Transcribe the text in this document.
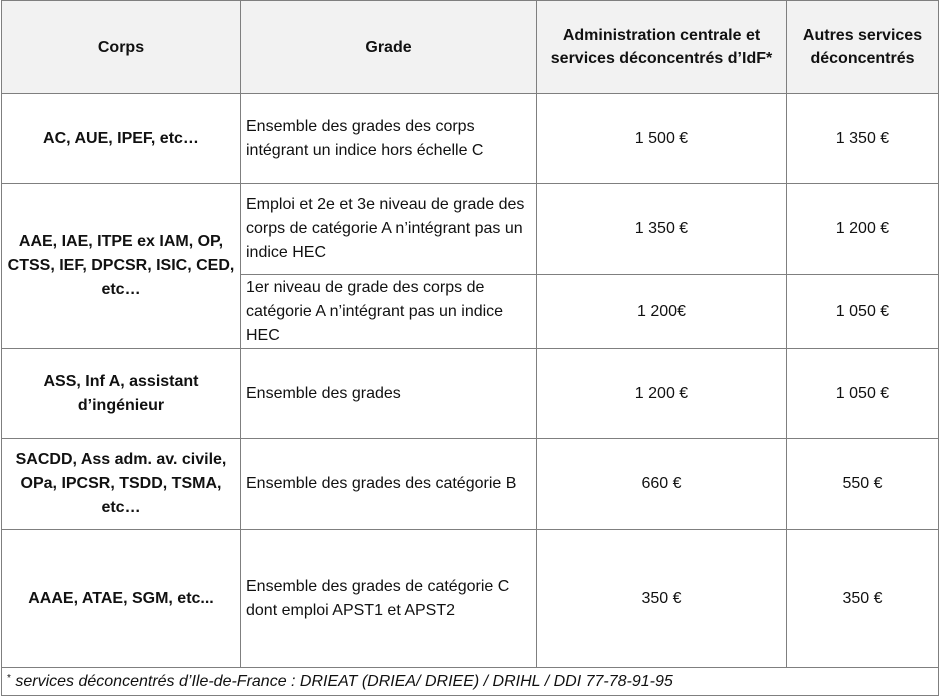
Corps	Grade	Administration centrale et services déconcentrés d’IdF*	Autres services déconcentrés
AC, AUE, IPEF, etc…	Ensemble des grades des corps intégrant un indice hors échelle C	1 500 €	1 350 €
AAE, IAE, ITPE ex IAM, OP, CTSS, IEF, DPCSR, ISIC, CED, etc…	Emploi et 2e et 3e niveau de grade des corps de catégorie A n’intégrant pas un indice HEC	1 350 €	1 200 €
	1er niveau de grade des corps de catégorie A n’intégrant pas un indice HEC	1 200€	1 050 €
ASS, Inf A, assistant d’ingénieur	Ensemble des grades	1 200 €	1 050 €
SACDD, Ass adm. av. civile, OPa, IPCSR, TSDD, TSMA, etc…	Ensemble des grades des catégorie B	660 €	550 €
AAAE, ATAE, SGM, etc...	Ensemble des grades de catégorie C dont emploi APST1 et APST2	350 €	350 €
* services déconcentrés d’Ile-de-France : DRIEAT (DRIEA/ DRIEE) / DRIHL / DDI 77-78-91-95			
